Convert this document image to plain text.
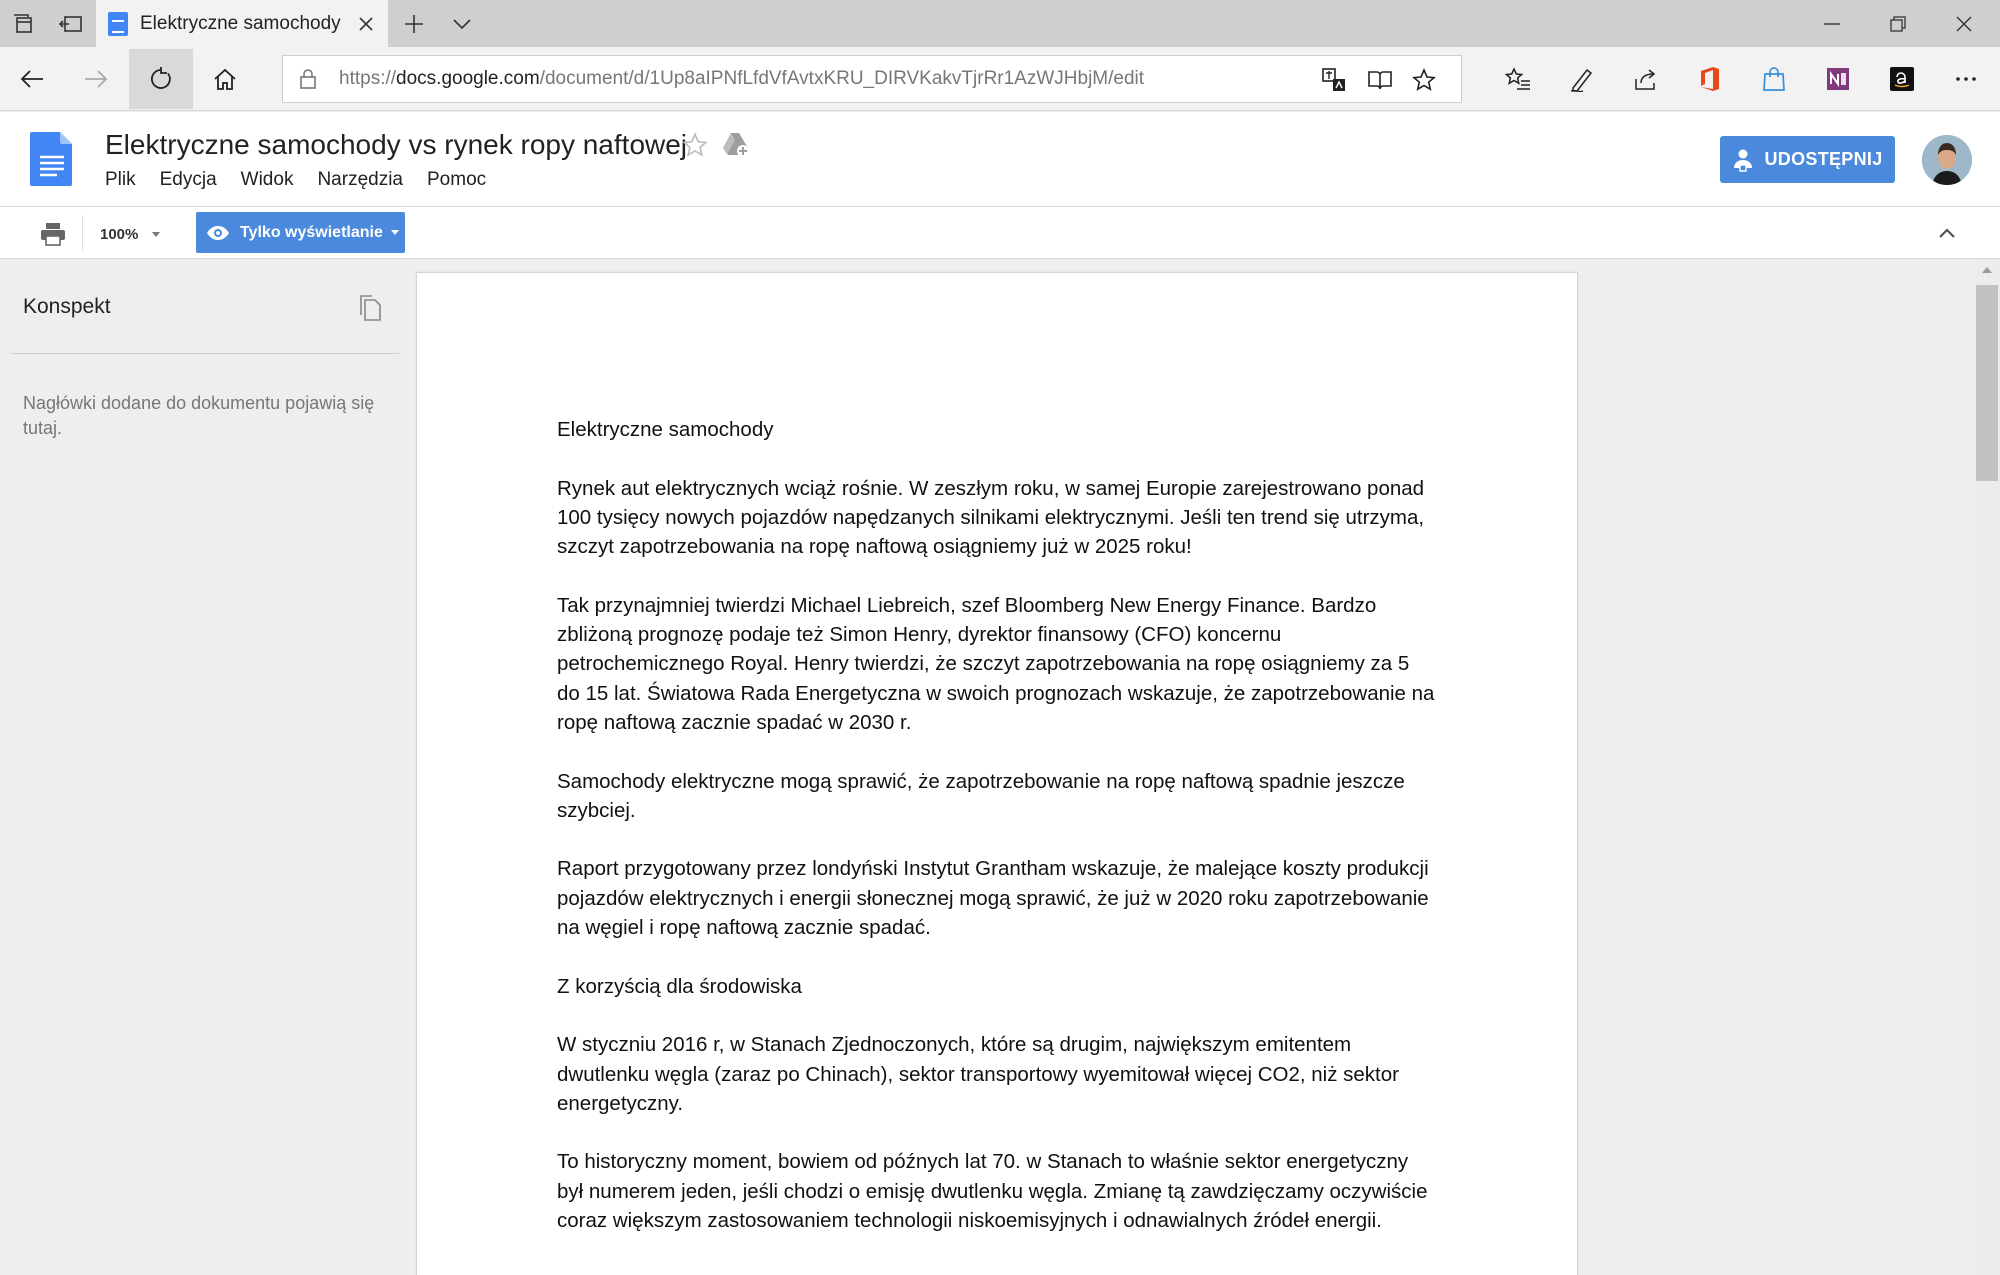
Elektryczne samochody
https://docs.google.com/document/d/1Up8aIPNfLfdVfAvtxKRU_DIRVKakvTjrRr1AzWJHbjM/edit
Elektryczne samochody vs rynek ropy naftowej
Plik	Edycja	Widok	Narzędzia	Pomoc
UDOSTĘPNIJ
100%	Tylko wyświetlanie
Konspekt
Nagłówki dodane do dokumentu pojawią się tutaj.	Elektryczne samochody

Rynek aut elektrycznych wciąż rośnie. W zeszłym roku, w samej Europie zarejestrowano ponad 100 tysięcy nowych pojazdów napędzanych silnikami elektrycznymi. Jeśli ten trend się utrzyma, szczyt zapotrzebowania na ropę naftową osiągniemy już w 2025 roku!

Tak przynajmniej twierdzi Michael Liebreich, szef Bloomberg New Energy Finance. Bardzo zbliżoną prognozę podaje też Simon Henry, dyrektor finansowy (CFO) koncernu petrochemicznego Royal. Henry twierdzi, że szczyt zapotrzebowania na ropę osiągniemy za 5 do 15 lat. Światowa Rada Energetyczna w swoich prognozach wskazuje, że zapotrzebowanie na ropę naftową zacznie spadać w 2030 r.

Samochody elektryczne mogą sprawić, że zapotrzebowanie na ropę naftową spadnie jeszcze szybciej.

Raport przygotowany przez londyński Instytut Grantham wskazuje, że malejące koszty produkcji pojazdów elektrycznych i energii słonecznej mogą sprawić, że już w 2020 roku zapotrzebowanie na węgiel i ropę naftową zacznie spadać.

Z korzyścią dla środowiska

W styczniu 2016 r, w Stanach Zjednoczonych, które są drugim, największym emitentem dwutlenku węgla (zaraz po Chinach), sektor transportowy wyemitował więcej CO2, niż sektor energetyczny.

To historyczny moment, bowiem od późnych lat 70. w Stanach to właśnie sektor energetyczny był numerem jeden, jeśli chodzi o emisję dwutlenku węgla. Zmianę tą zawdzięczamy oczywiście coraz większym zastosowaniem technologii niskoemisyjnych i odnawialnych źródeł energii.
